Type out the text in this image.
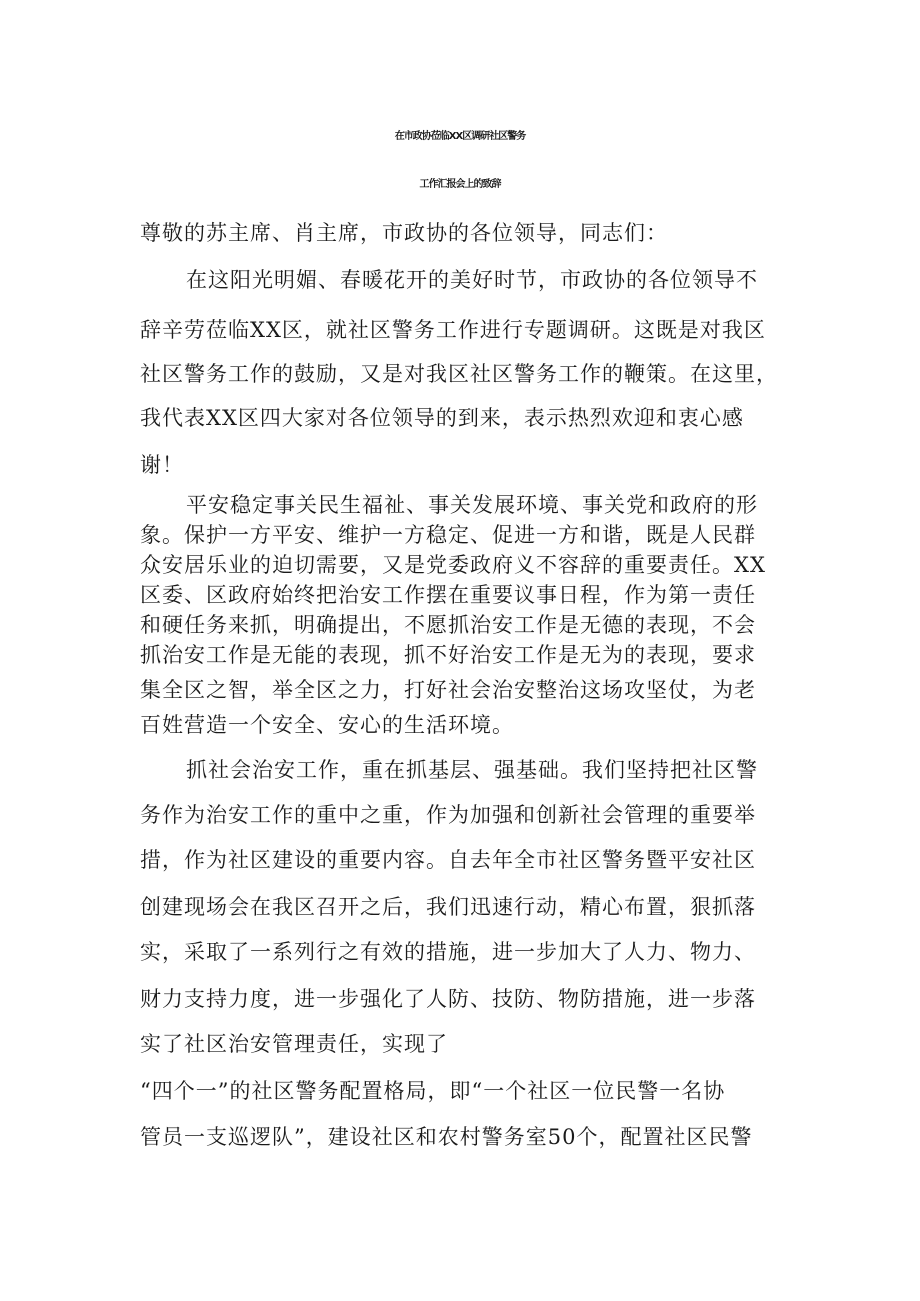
在市政协莅临XX区调研社区警务
工作汇报会上的致辞
尊敬的苏主席、肖主席，市政协的各位领导，同志们：
在这阳光明媚、春暖花开的美好时节，市政协的各位领导不
辞辛劳莅临XX区，就社区警务工作进行专题调研。这既是对我区
社区警务工作的鼓励，又是对我区社区警务工作的鞭策。在这里，
我代表XX区四大家对各位领导的到来，表示热烈欢迎和衷心感
谢！
平安稳定事关民生福祉、事关发展环境、事关党和政府的形
象。保护一方平安、维护一方稳定、促进一方和谐，既是人民群
众安居乐业的迫切需要，又是党委政府义不容辞的重要责任。XX
区委、区政府始终把治安工作摆在重要议事日程，作为第一责任
和硬任务来抓，明确提出，不愿抓治安工作是无德的表现，不会
抓治安工作是无能的表现，抓不好治安工作是无为的表现，要求
集全区之智，举全区之力，打好社会治安整治这场攻坚仗，为老
百姓营造一个安全、安心的生活环境。
抓社会治安工作，重在抓基层、强基础。我们坚持把社区警
务作为治安工作的重中之重，作为加强和创新社会管理的重要举
措，作为社区建设的重要内容。自去年全市社区警务暨平安社区
创建现场会在我区召开之后，我们迅速行动，精心布置，狠抓落
实，采取了一系列行之有效的措施，进一步加大了人力、物力、
财力支持力度，进一步强化了人防、技防、物防措施，进一步落
实了社区治安管理责任，实现了
“四个一”的社区警务配置格局，即“一个社区一位民警一名协
管员一支巡逻队”，建设社区和农村警务室50个，配置社区民警
